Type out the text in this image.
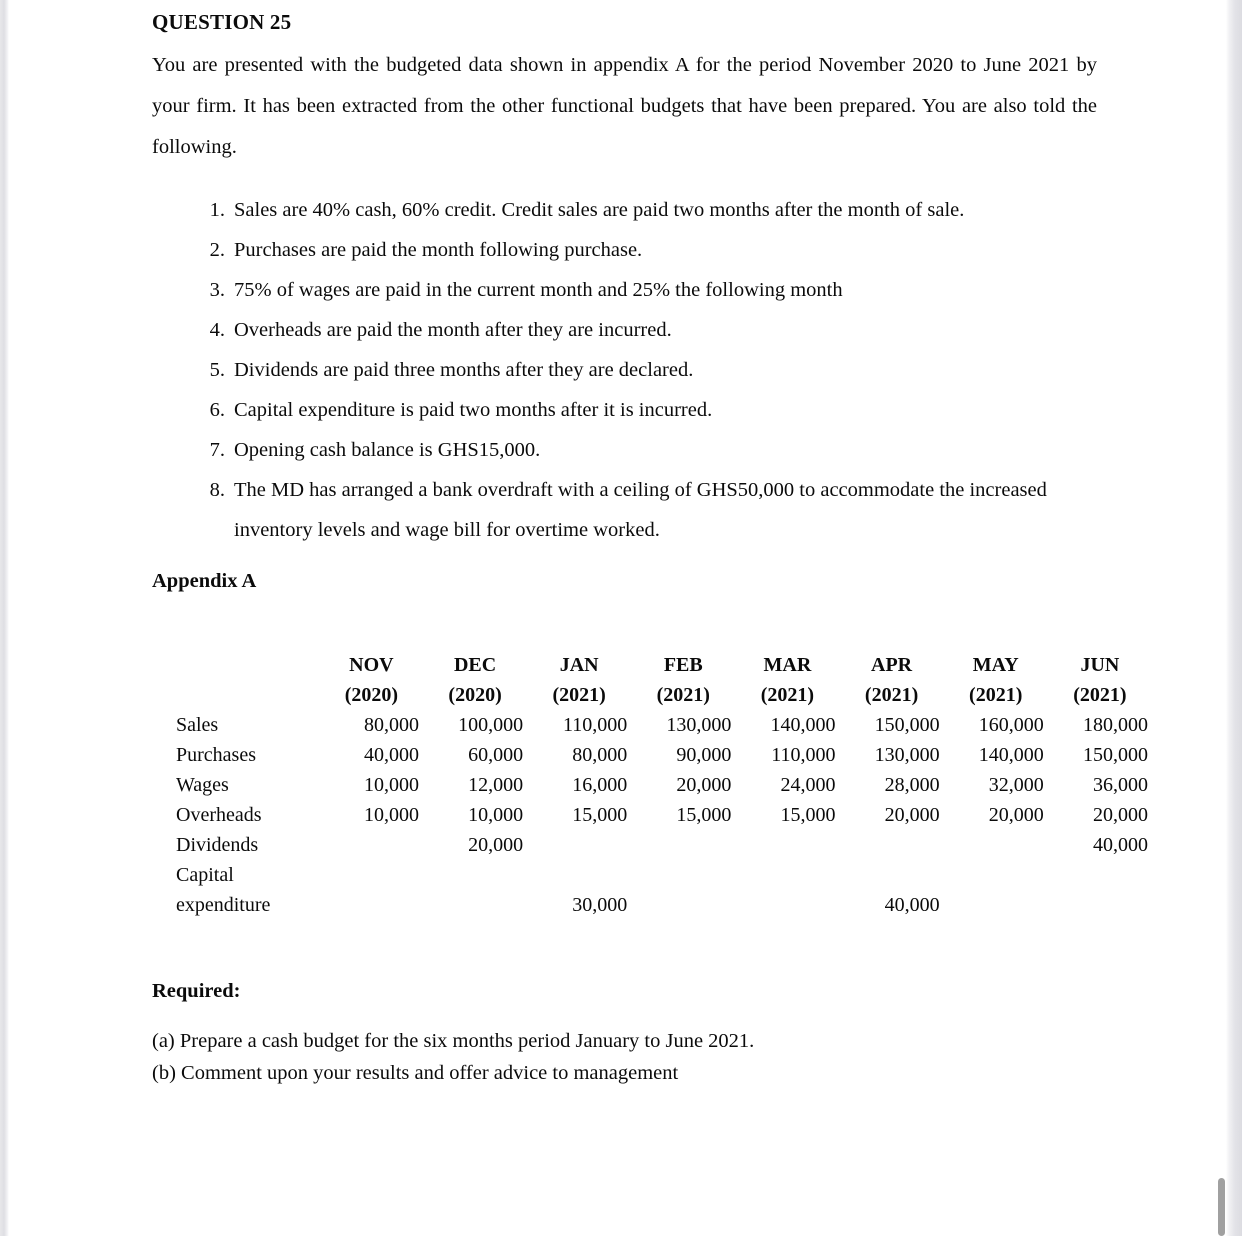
QUESTION 25

You are presented with the budgeted data shown in appendix A for the period November 2020 to June 2021 by your firm. It has been extracted from the other functional budgets that have been prepared. You are also told the following.

Sales are 40% cash, 60% credit. Credit sales are paid two months after the month of sale.
Purchases are paid the month following purchase.
75% of wages are paid in the current month and 25% the following month
Overheads are paid the month after they are incurred.
Dividends are paid three months after they are declared.
Capital expenditure is paid two months after it is incurred.
Opening cash balance is GHS15,000.
The MD has arranged a bank overdraft with a ceiling of GHS50,000 to accommodate the increased inventory levels and wage bill for overtime worked.
Appendix A
	NOV	DEC	JAN	FEB	MAR	APR	MAY	JUN
	(2020)	(2020)	(2021)	(2021)	(2021)	(2021)	(2021)	(2021)
Sales	80,000	100,000	110,000	130,000	140,000	150,000	160,000	180,000
Purchases	40,000	60,000	80,000	90,000	110,000	130,000	140,000	150,000
Wages	10,000	12,000	16,000	20,000	24,000	28,000	32,000	36,000
Overheads	10,000	10,000	15,000	15,000	15,000	20,000	20,000	20,000
Dividends		20,000						40,000
Capital								
expenditure			30,000			40,000		
Required:

(a) Prepare a cash budget for the six months period January to June 2021.

(b) Comment upon your results and offer advice to management
